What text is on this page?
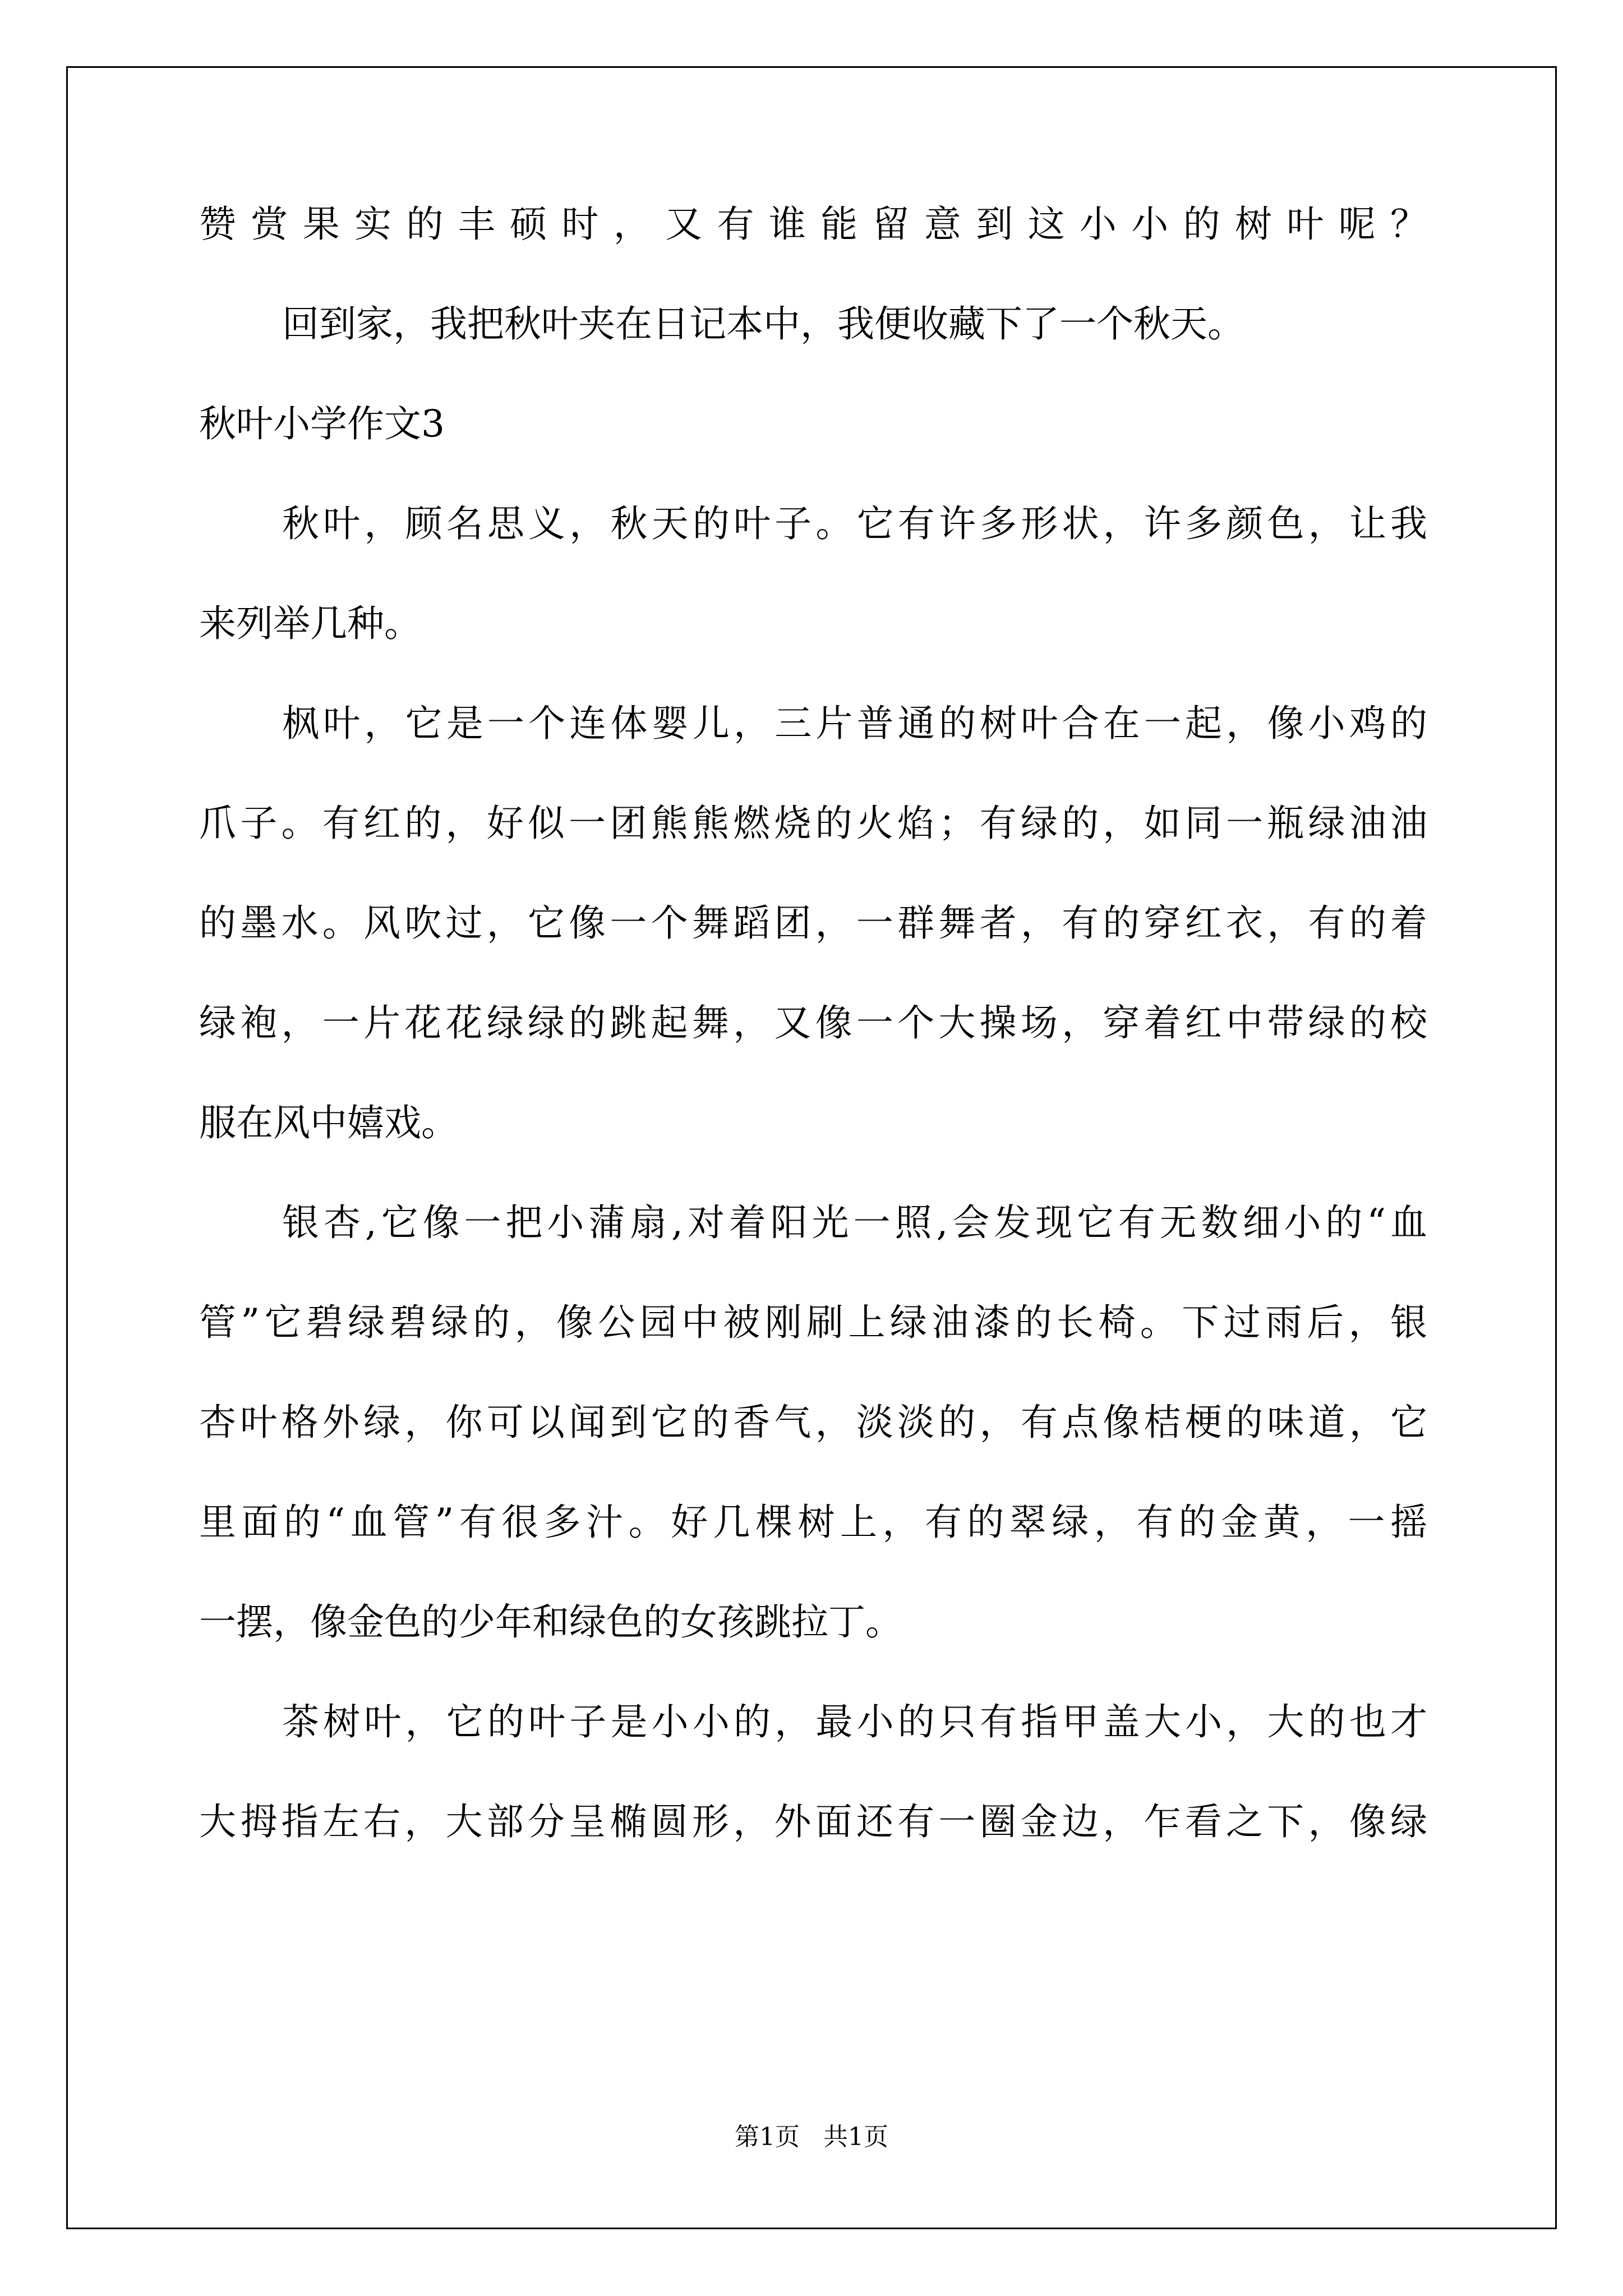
赞赏果实的丰硕时，又有谁能留意到这小小的树叶呢？
回到家，我把秋叶夹在日记本中，我便收藏下了一个秋天。
秋叶小学作文3
秋叶，顾名思义，秋天的叶子。它有许多形状，许多颜色，让我
来列举几种。
枫叶，它是一个连体婴儿，三片普通的树叶合在一起，像小鸡的
爪子。有红的，好似一团熊熊燃烧的火焰；有绿的，如同一瓶绿油油
的墨水。风吹过，它像一个舞蹈团，一群舞者，有的穿红衣，有的着
绿袍，一片花花绿绿的跳起舞，又像一个大操场，穿着红中带绿的校
服在风中嬉戏。
银杏,它像一把小蒲扇,对着阳光一照,会发现它有无数细小的“血
管”它碧绿碧绿的，像公园中被刚刷上绿油漆的长椅。下过雨后，银
杏叶格外绿，你可以闻到它的香气，淡淡的，有点像桔梗的味道，它
里面的“血管”有很多汁。好几棵树上，有的翠绿，有的金黄，一摇
一摆，像金色的少年和绿色的女孩跳拉丁。
茶树叶，它的叶子是小小的，最小的只有指甲盖大小，大的也才
大拇指左右，大部分呈椭圆形，外面还有一圈金边，乍看之下，像绿
第1页   共1页
